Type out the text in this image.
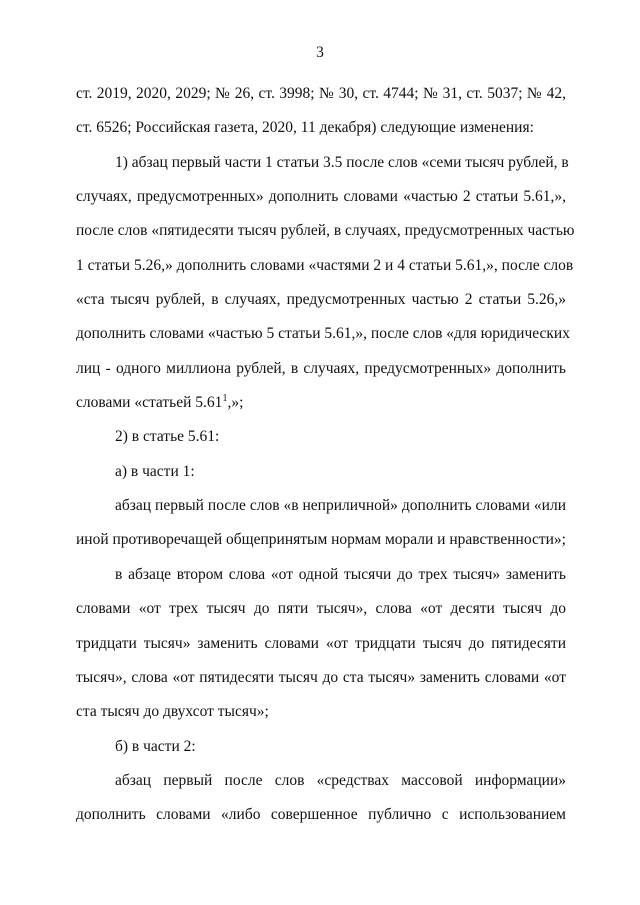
3
ст. 2019, 2020, 2029; № 26, ст. 3998; № 30, ст. 4744; № 31, ст. 5037; № 42,
ст. 6526; Российская газета, 2020, 11 декабря) следующие изменения:
1) абзац первый части 1 статьи 3.5 после слов «семи тысяч рублей, в
случаях, предусмотренных» дополнить словами «частью 2 статьи 5.61,»,
после слов «пятидесяти тысяч рублей, в случаях, предусмотренных частью
1 статьи 5.26,» дополнить словами «частями 2 и 4 статьи 5.61,», после слов
«ста тысяч рублей, в случаях, предусмотренных частью 2 статьи 5.26,»
дополнить словами «частью 5 статьи 5.61,», после слов «для юридических
лиц - одного миллиона рублей, в случаях, предусмотренных» дополнить
словами «статьей 5.61$^1$,»;
2) в статье 5.61:
а) в части 1:
абзац первый после слов «в неприличной» дополнить словами «или
иной противоречащей общепринятым нормам морали и нравственности»;
в абзаце втором слова «от одной тысячи до трех тысяч» заменить
словами «от трех тысяч до пяти тысяч», слова «от десяти тысяч до
тридцати тысяч» заменить словами «от тридцати тысяч до пятидесяти
тысяч», слова «от пятидесяти тысяч до ста тысяч» заменить словами «от
ста тысяч до двухсот тысяч»;
б) в части 2:
абзац первый после слов «средствах массовой информации»
дополнить словами «либо совершенное публично с использованием
